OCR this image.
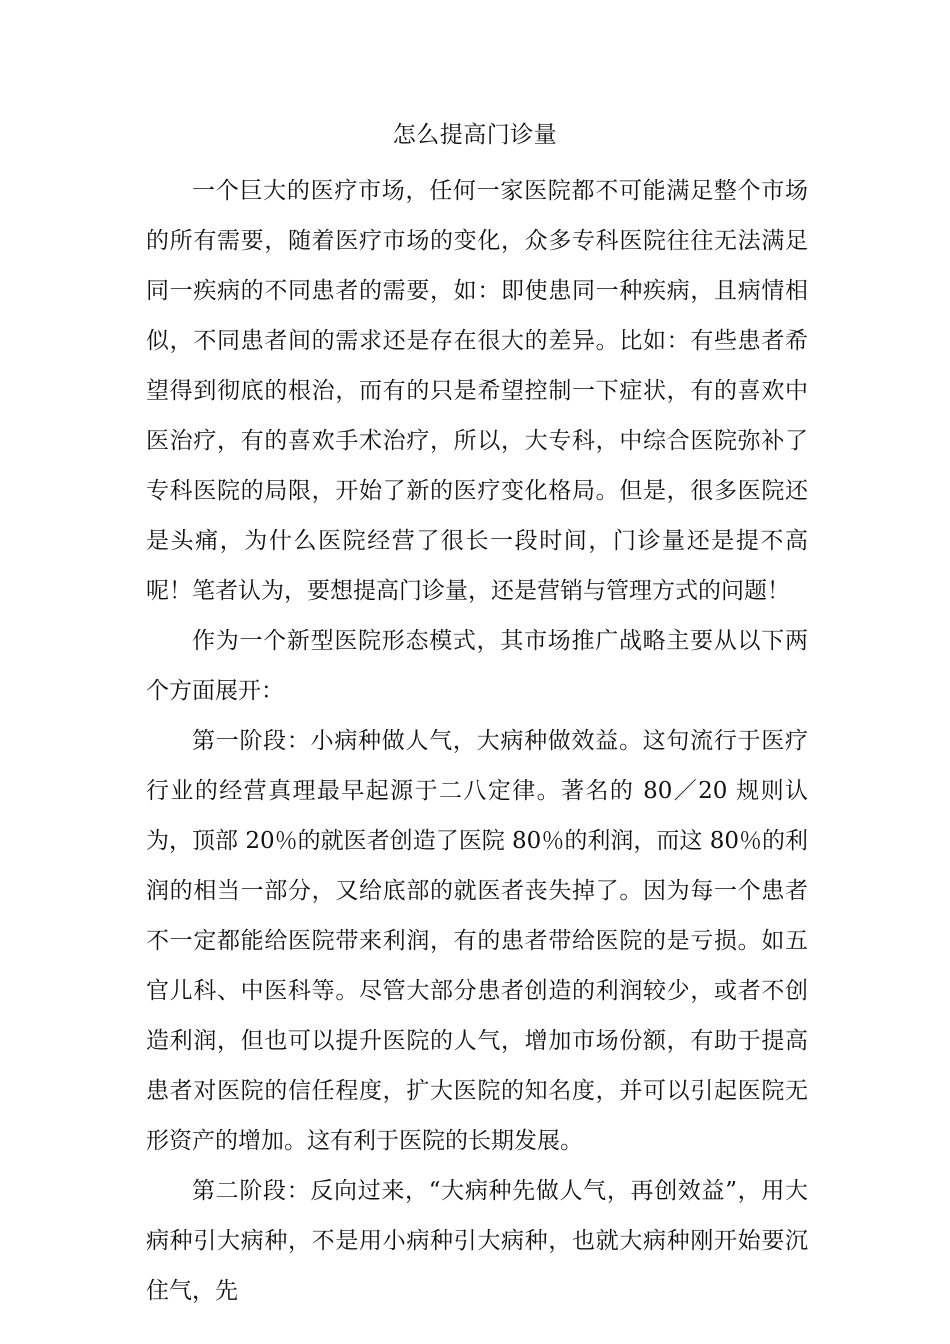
怎么提高门诊量

一个巨大的医疗市场，任何一家医院都不可能满足整个市场的所有需要，随着医疗市场的变化，众多专科医院往往无法满足同一疾病的不同患者的需要，如：即使患同一种疾病，且病情相似，不同患者间的需求还是存在很大的差异。比如：有些患者希望得到彻底的根治，而有的只是希望控制一下症状，有的喜欢中医治疗，有的喜欢手术治疗，所以，大专科，中综合医院弥补了专科医院的局限，开始了新的医疗变化格局。但是，很多医院还是头痛，为什么医院经营了很长一段时间，门诊量还是提不高呢！笔者认为，要想提高门诊量，还是营销与管理方式的问题！

作为一个新型医院形态模式，其市场推广战略主要从以下两个方面展开：

第一阶段：小病种做人气，大病种做效益。这句流行于医疗行业的经营真理最早起源于二八定律。著名的 80／20 规则认为，顶部 20％的就医者创造了医院 80％的利润，而这 80％的利润的相当一部分，又给底部的就医者丧失掉了。因为每一个患者不一定都能给医院带来利润，有的患者带给医院的是亏损。如五官儿科、中医科等。尽管大部分患者创造的利润较少，或者不创造利润，但也可以提升医院的人气，增加市场份额，有助于提高患者对医院的信任程度，扩大医院的知名度，并可以引起医院无形资产的增加。这有利于医院的长期发展。

第二阶段：反向过来，“大病种先做人气，再创效益”，用大病种引大病种，不是用小病种引大病种，也就大病种刚开始要沉住气，先
